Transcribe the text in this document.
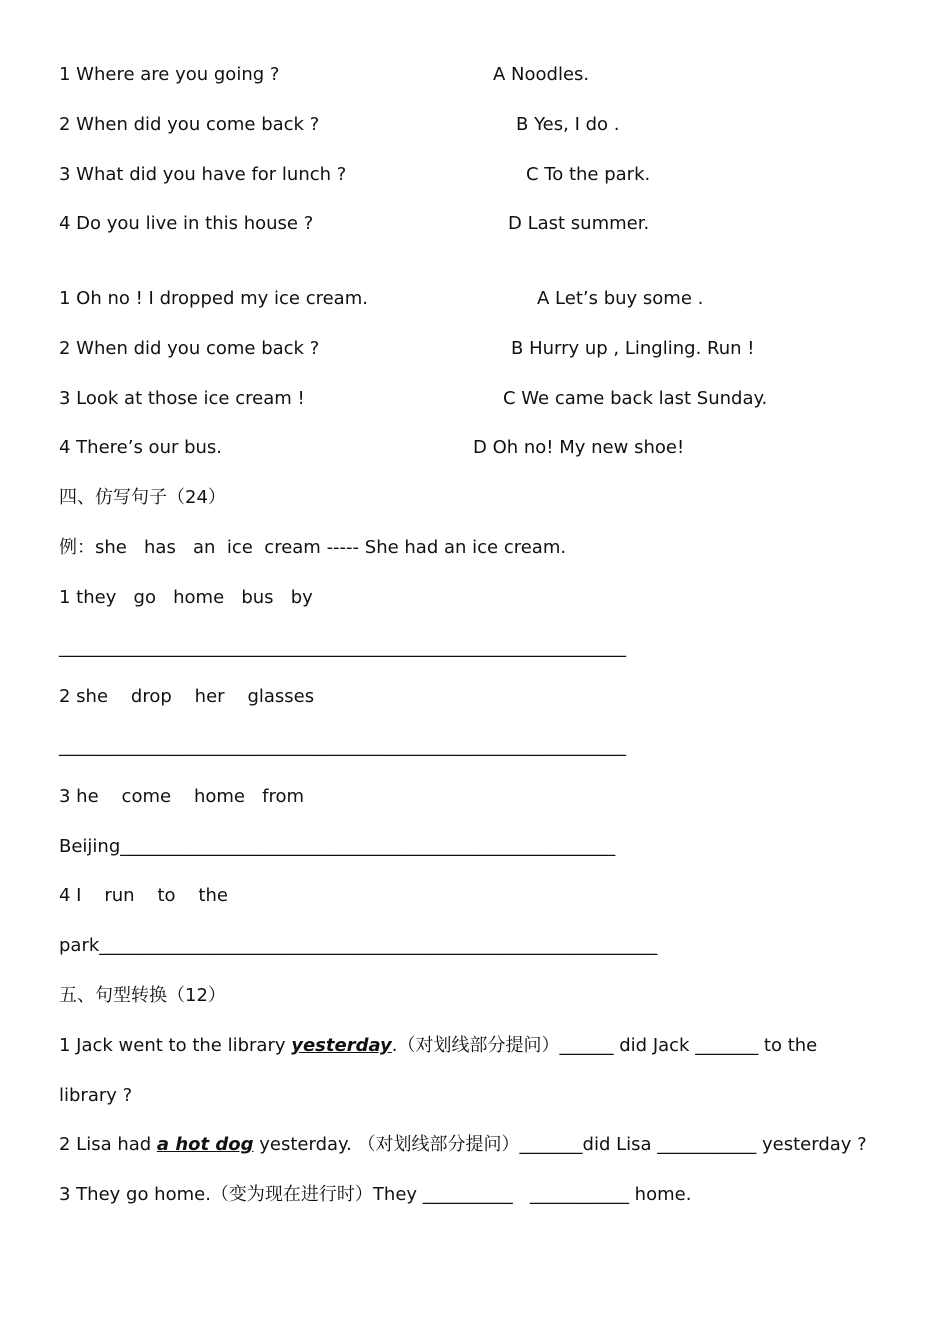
1 Where are you going ?	A Noodles.
2 When did you come back ?	B Yes, I do .
3 What did you have for lunch ?	C To the park.
4 Do you live in this house ?	D Last summer.
1 Oh no ! I dropped my ice cream.	A Let’s buy some .
2 When did you come back ?	B Hurry up , Lingling. Run !
3 Look at those ice cream !	C We came back last Sunday.
4 There’s our bus.	D Oh no! My new shoe!
四、仿写句子（24）
例：she   has   an  ice  cream ----- She had an ice cream.
1 they   go   home   bus   by
_______________________________________________________________
2 she    drop    her    glasses
_______________________________________________________________
3 he    come    home   from
Beijing_______________________________________________________
4 I    run    to    the
park______________________________________________________________
五、句型转换（12）
1 Jack went to the library yesterday.（对划线部分提问）______ did Jack _______ to the
library ?
2 Lisa had a hot dog yesterday. （对划线部分提问）_______did Lisa ___________ yesterday ?
3 They go home.（变为现在进行时）They __________   ___________ home.
